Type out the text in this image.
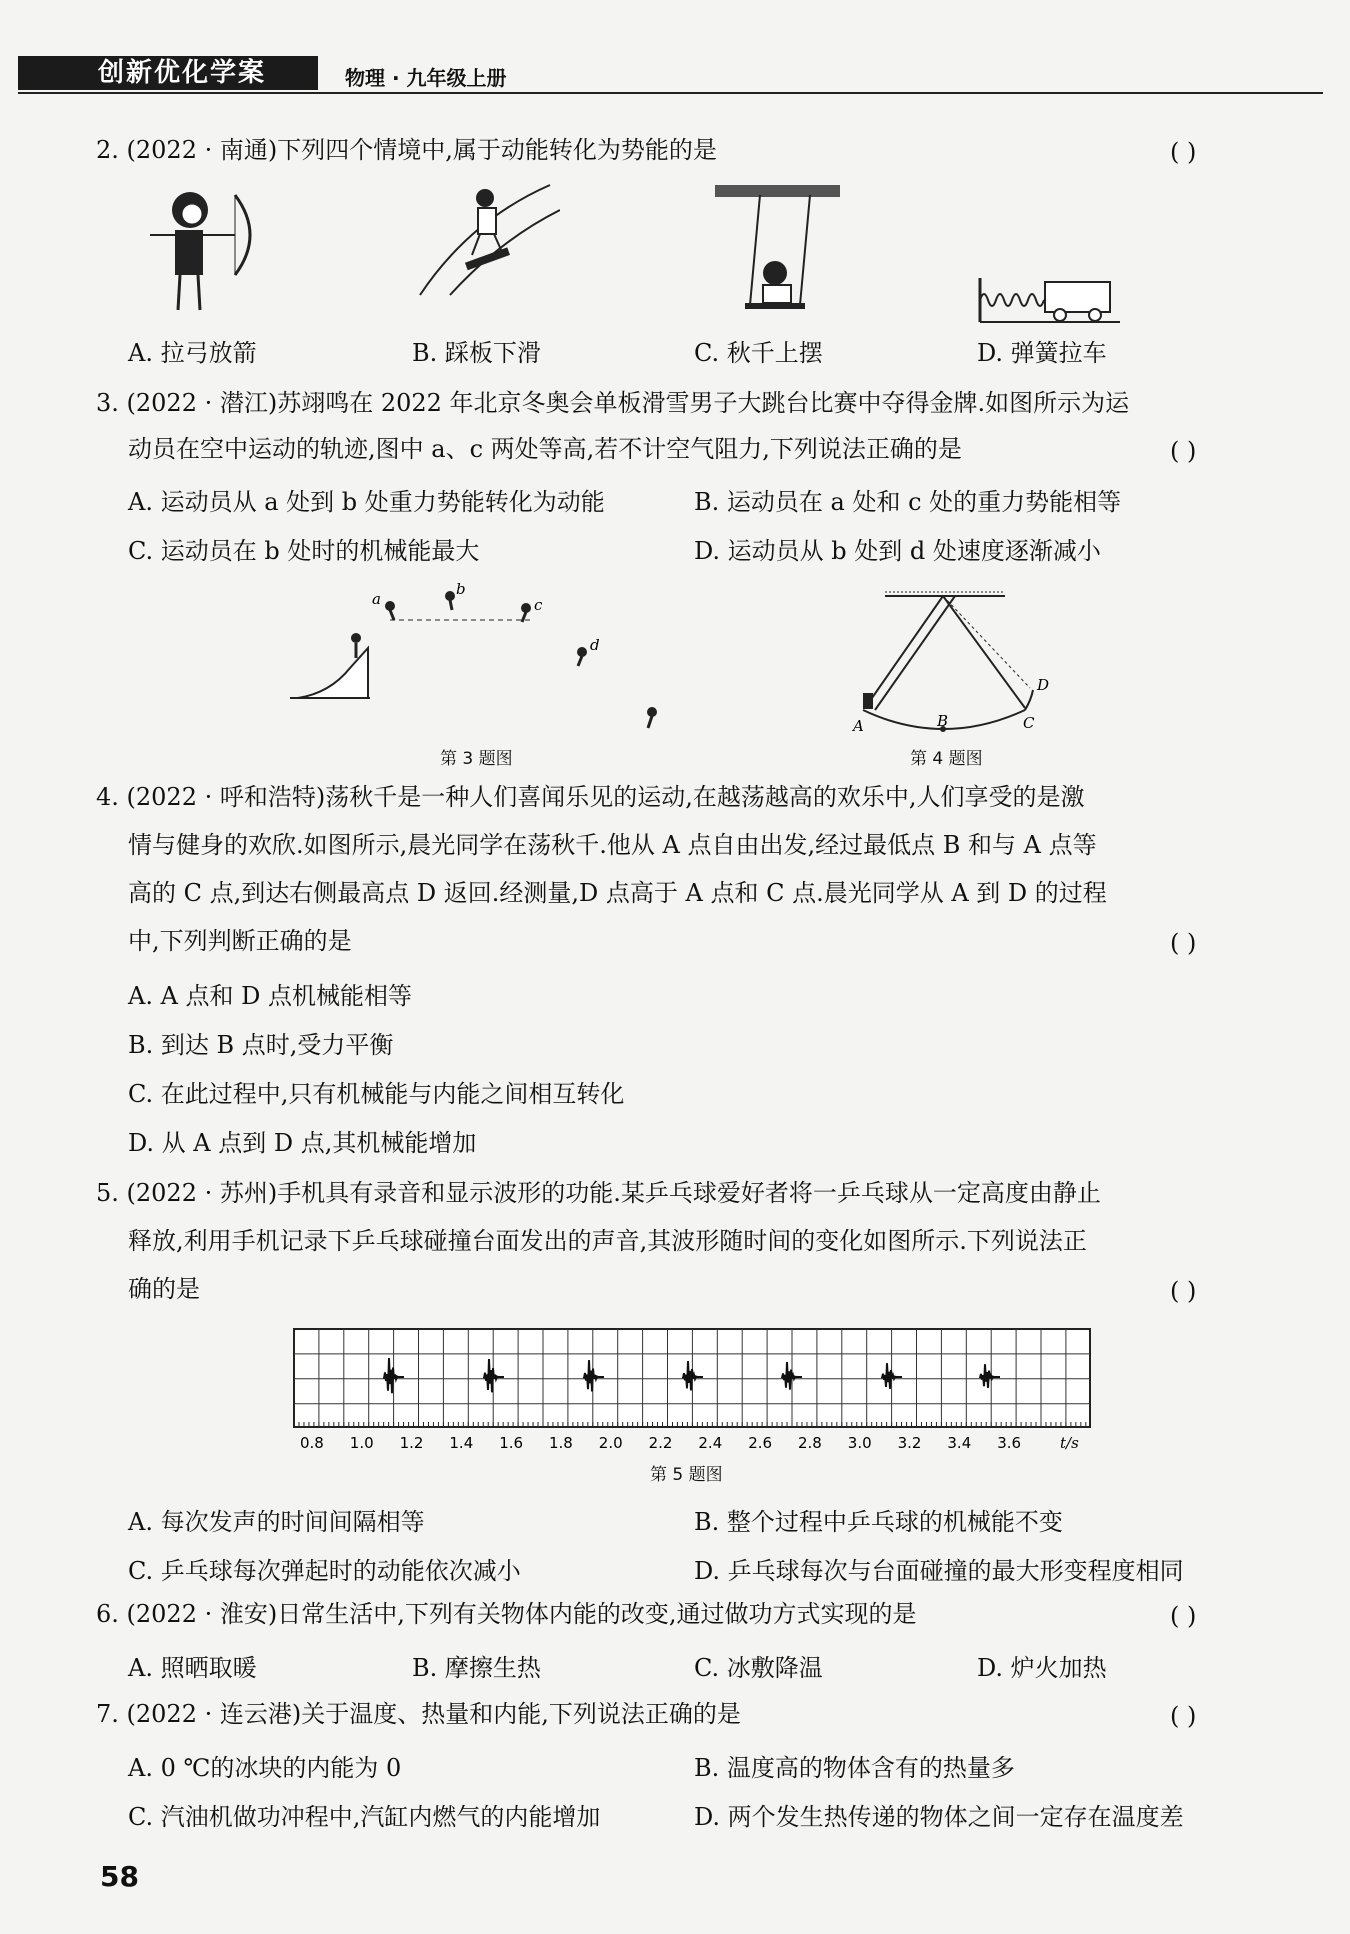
创新优化学案	物理 · 九年级上册
2. (2022 · 南通)下列四个情境中,属于动能转化为势能的是	( )
A. 拉弓放箭	B. 踩板下滑	C. 秋千上摆	D. 弹簧拉车
3. (2022 · 潜江)苏翊鸣在 2022 年北京冬奥会单板滑雪男子大跳台比赛中夺得金牌.如图所示为运
动员在空中运动的轨迹,图中 a、c 两处等高,若不计空气阻力,下列说法正确的是	( )
A. 运动员从 a 处到 b 处重力势能转化为动能	B. 运动员在 a 处和 c 处的重力势能相等
C. 运动员在 b 处时的机械能最大	D. 运动员从 b 处到 d 处速度逐渐减小
a
b
c
d
第 3 题图
A	B	C
D
第 4 题图
4. (2022 · 呼和浩特)荡秋千是一种人们喜闻乐见的运动,在越荡越高的欢乐中,人们享受的是激
情与健身的欢欣.如图所示,晨光同学在荡秋千.他从 A 点自由出发,经过最低点 B 和与 A 点等
高的 C 点,到达右侧最高点 D 返回.经测量,D 点高于 A 点和 C 点.晨光同学从 A 到 D 的过程
中,下列判断正确的是	( )
A. A 点和 D 点机械能相等
B. 到达 B 点时,受力平衡
C. 在此过程中,只有机械能与内能之间相互转化
D. 从 A 点到 D 点,其机械能增加
5. (2022 · 苏州)手机具有录音和显示波形的功能.某乒乓球爱好者将一乒乓球从一定高度由静止
释放,利用手机记录下乒乓球碰撞台面发出的声音,其波形随时间的变化如图所示.下列说法正
确的是	( )
0.8 1.0 1.2 1.4 1.6 1.8 2.0 2.2 2.4 2.6 2.8 3.0 3.2 3.4 3.6	t/s
第 5 题图
A. 每次发声的时间间隔相等	B. 整个过程中乒乓球的机械能不变
C. 乒乓球每次弹起时的动能依次减小	D. 乒乓球每次与台面碰撞的最大形变程度相同
6. (2022 · 淮安)日常生活中,下列有关物体内能的改变,通过做功方式实现的是	( )
A. 照晒取暖	B. 摩擦生热	C. 冰敷降温	D. 炉火加热
7. (2022 · 连云港)关于温度、热量和内能,下列说法正确的是	( )
A. 0 ℃的冰块的内能为 0	B. 温度高的物体含有的热量多
C. 汽油机做功冲程中,汽缸内燃气的内能增加	D. 两个发生热传递的物体之间一定存在温度差
58
